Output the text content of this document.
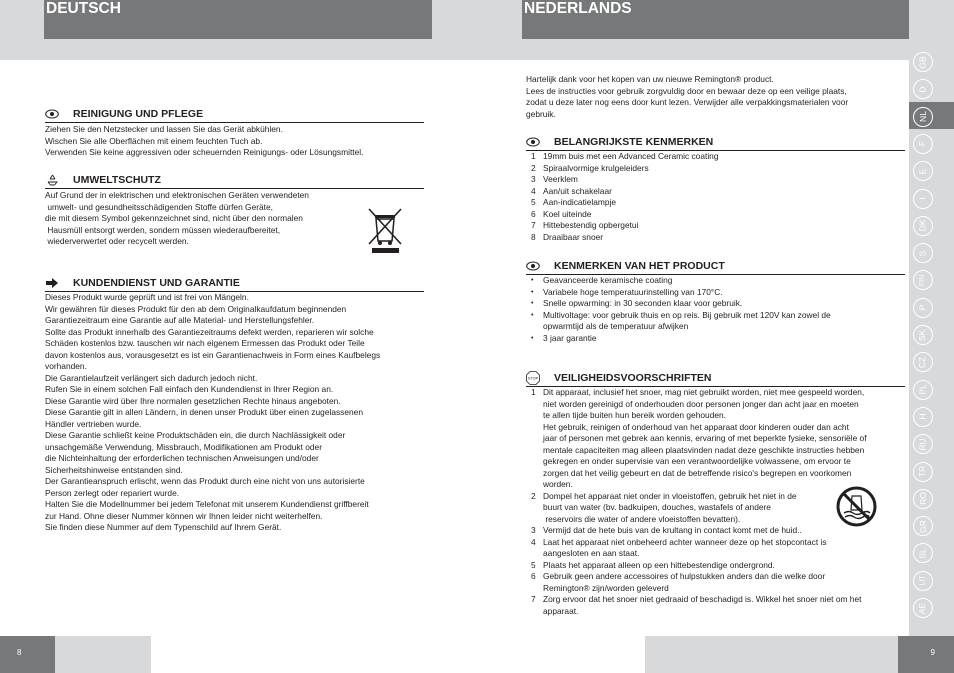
DEUTSCH	NEDERLANDS
GB
D
NL
F
E
I
DK
S
FIN
P
SK
CZ
PL
H
RU
TR
RO
GR
SL
LIT
AE
8	9
REINIGUNG UND PFLEGE

Ziehen Sie den Netzstecker und lassen Sie das Gerät abkühlen.

Wischen Sie alle Oberflächen mit einem feuchten Tuch ab.

Verwenden Sie keine aggressiven oder scheuernden Reinigungs- oder Lösungsmittel.

UMWELTSCHUTZ

Auf Grund der in elektrischen und elektronischen Geräten verwendeten

umwelt- und gesundheitsschädigenden Stoffe dürfen Geräte,

die mit diesem Symbol gekennzeichnet sind, nicht über den normalen

Hausmüll entsorgt werden, sondern müssen wiederaufbereitet,

wiederverwertet oder recycelt werden.

KUNDENDIENST UND GARANTIE

Dieses Produkt wurde geprüft und ist frei von Mängeln.

Wir gewähren für dieses Produkt für den ab dem Originalkaufdatum beginnenden

Garantiezeitraum eine Garantie auf alle Material- und Herstellungsfehler.

Sollte das Produkt innerhalb des Garantiezeitraums defekt werden, reparieren wir solche

Schäden kostenlos bzw. tauschen wir nach eigenem Ermessen das Produkt oder Teile

davon kostenlos aus, vorausgesetzt es ist ein Garantienachweis in Form eines Kaufbelegs

vorhanden.

Die Garantielaufzeit verlängert sich dadurch jedoch nicht.

Rufen Sie in einem solchen Fall einfach den Kundendienst in Ihrer Region an.

Diese Garantie wird über Ihre normalen gesetzlichen Rechte hinaus angeboten.

Diese Garantie gilt in allen Ländern, in denen unser Produkt über einen zugelassenen

Händler vertrieben wurde.

Diese Garantie schließt keine Produktschäden ein, die durch Nachlässigkeit oder

unsachgemäße Verwendung, Missbrauch, Modifikationen am Produkt oder

die Nichteinhaltung der erforderlichen technischen Anweisungen und/oder

Sicherheitshinweise entstanden sind.

Der Garantieanspruch erlischt, wenn das Produkt durch eine nicht von uns autorisierte

Person zerlegt oder repariert wurde.

Halten Sie die Modellnummer bei jedem Telefonat mit unserem Kundendienst griffbereit

zur Hand. Ohne dieser Nummer können wir Ihnen leider nicht weiterhelfen.

Sie finden diese Nummer auf dem Typenschild auf Ihrem Gerät.

Hartelijk dank voor het kopen van uw nieuwe Remington® product.

Lees de instructies voor gebruik zorgvuldig door en bewaar deze op een veilige plaats,

zodat u deze later nog eens door kunt lezen. Verwijder alle verpakkingsmaterialen voor

gebruik.

BELANGRIJKSTE KENMERKEN
1 19mm buis met een Advanced Ceramic coating
2 Spiraalvormige krulgeleiders
3 Veerklem
4 Aan/uit schakelaar
5 Aan-indicatielampje
6 Koel uiteinde
7 Hittebestendig opbergetui
8 Draaibaar snoer
KENMERKEN VAN HET PRODUCT
• Geavanceerde keramische coating
• Variabele hoge temperatuurinstelling van 170°C.
• Snelle opwarming: in 30 seconden klaar voor gebruik.
• Multivoltage: voor gebruik thuis en op reis. Bij gebruik met 120V kan zowel de
opwarmtijd als de temperatuur afwijken
• 3 jaar garantie
STOP VEILIGHEIDSVOORSCHRIFTEN
1 Dit apparaat, inclusief het snoer, mag niet gebruikt worden, niet mee gespeeld worden,
niet worden gereinigd of onderhouden door personen jonger dan acht jaar en moeten
te allen tijde buiten hun bereik worden gehouden.
Het gebruik, reinigen of onderhoud van het apparaat door kinderen ouder dan acht
jaar of personen met gebrek aan kennis, ervaring of met beperkte fysieke, sensoriële of
mentale capaciteiten mag alleen plaatsvinden nadat deze geschikte instructies hebben
gekregen en onder supervisie van een verantwoordelijke volwassene, om ervoor te
zorgen dat het veilig gebeurt en dat de betreffende risico's begrepen en voorkomen
worden.
2 Dompel het apparaat niet onder in vloeistoffen, gebruik het niet in de
buurt van water (bv. badkuipen, douches, wastafels of andere
reservoirs die water of andere vloeistoffen bevatten).
3 Vermijd dat de hete buis van de krultang in contact komt met de huid..
4 Laat het apparaat niet onbeheerd achter wanneer deze op het stopcontact is
aangesloten en aan staat.
5 Plaats het apparaat alleen op een hittebestendige ondergrond.
6 Gebruik geen andere accessoires of hulpstukken anders dan die welke door
Remington® zijn/worden geleverd
7 Zorg ervoor dat het snoer niet gedraaid of beschadigd is. Wikkel het snoer niet om het
apparaat.
